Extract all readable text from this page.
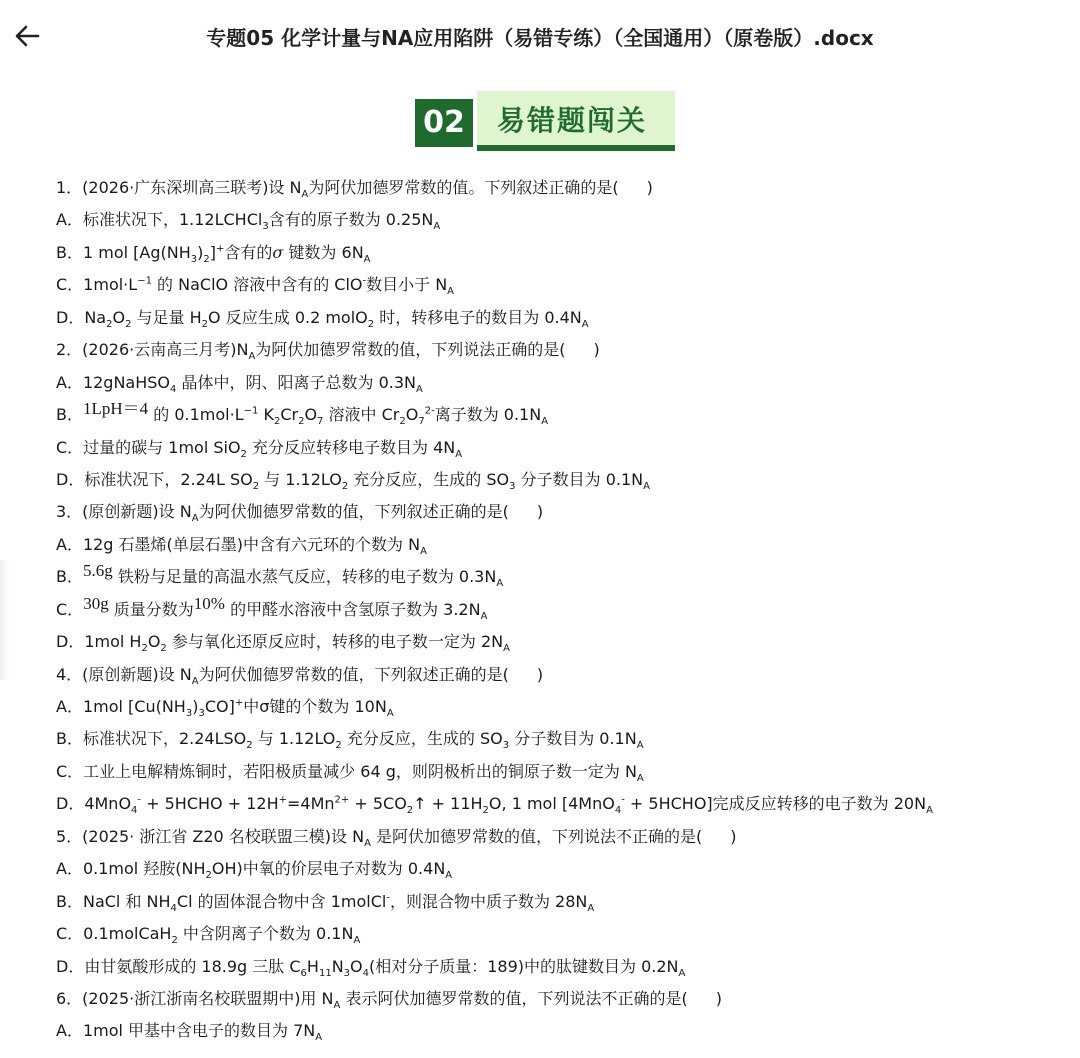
专题05 化学计量与NA应用陷阱（易错专练）（全国通用）（原卷版）.docx
02 易错题闯关
1．(2026·广东深圳高三联考)设 $N_A$为阿伏加德罗常数的值。下列叙述正确的是( )
A．标准状况下，1.12LCHCl$_3$含有的原子数为 $0.25N_A$
B．1 mol $[Ag(NH_3)_2]^+$含有的σ 键数为 $6N_A$
C．$1mol\cdot L^{-1}$ 的 NaClO 溶液中含有的 ClO-数目小于 $N_A$
D．$Na_2O_2$ 与足量 $H_2O$ 反应生成 0.2 molO$_2$ 时，转移电子的数目为 $0.4N_A$
2．(2026·云南高三月考)$N_A$为阿伏加德罗常数的值，下列说法正确的是( )
A．12gNaHSO$_4$ 晶体中，阴、阳离子总数为 $0.3N_A$
B．1LpH＝4 的 $0.1mol\cdot L^{-1}$ $K_2Cr_2O_7$ 溶液中 $Cr_2O_7^{2-}$离子数为 $0.1N_A$
C．过量的碳与 1mol SiO$_2$ 充分反应转移电子数目为 $4N_A$
D．标准状况下，2.24L $SO_2$ 与 $1.12LO_2$ 充分反应，生成的 $SO_3$ 分子数目为 $0.1N_A$
3．(原创新题)设 $N_A$为阿伏伽德罗常数的值，下列叙述正确的是( )
A．12g 石墨烯(单层石墨)中含有六元环的个数为 $N_A$
B．5.6g 铁粉与足量的高温水蒸气反应，转移的电子数为 $0.3N_A$
C．30g 质量分数为10% 的甲醛水溶液中含氢原子数为 $3.2N_A$
D．1mol $H_2O_2$ 参与氧化还原反应时，转移的电子数一定为 $2N_A$
4．(原创新题)设 $N_A$为阿伏伽德罗常数的值，下列叙述正确的是( )
A．1mol $[Cu(NH_3)_3CO]^+$中σ键的个数为 $10N_A$
B．标准状况下，$2.24LSO_2$ 与 $1.12LO_2$ 充分反应，生成的 $SO_3$ 分子数目为 $0.1N_A$
C．工业上电解精炼铜时，若阳极质量减少 64 g，则阴极析出的铜原子数一定为 $N_A$
D．4MnO$_4$- + 5HCHO + $12H^+=4Mn^{2+}$ + $5CO_2↑ + 11H_2O$, 1 mol [4MnO$_4$- + 5HCHO]完成反应转移的电子数为 $20N_A$
5．(2025· 浙江省 Z20 名校联盟三模)设 $N_A$ 是阿伏加德罗常数的值，下列说法不正确的是( )
A．0.1mol 羟胺$(NH_2OH)$中氧的价层电子对数为 $0.4N_A$
B．NaCl 和 $NH_4Cl$ 的固体混合物中含 1molCl-，则混合物中质子数为 $28N_A$
C．0.1molCaH$_2$ 中含阴离子个数为 $0.1N_A$
D．由甘氨酸形成的 18.9g 三肽 $C_6H_{11}N_3O_4$(相对分子质量：189)中的肽键数目为 $0.2N_A$
6．(2025·浙江浙南名校联盟期中)用 $N_A$ 表示阿伏加德罗常数的值，下列说法不正确的是( )
A．1mol 甲基中含电子的数目为 $7N_A$
